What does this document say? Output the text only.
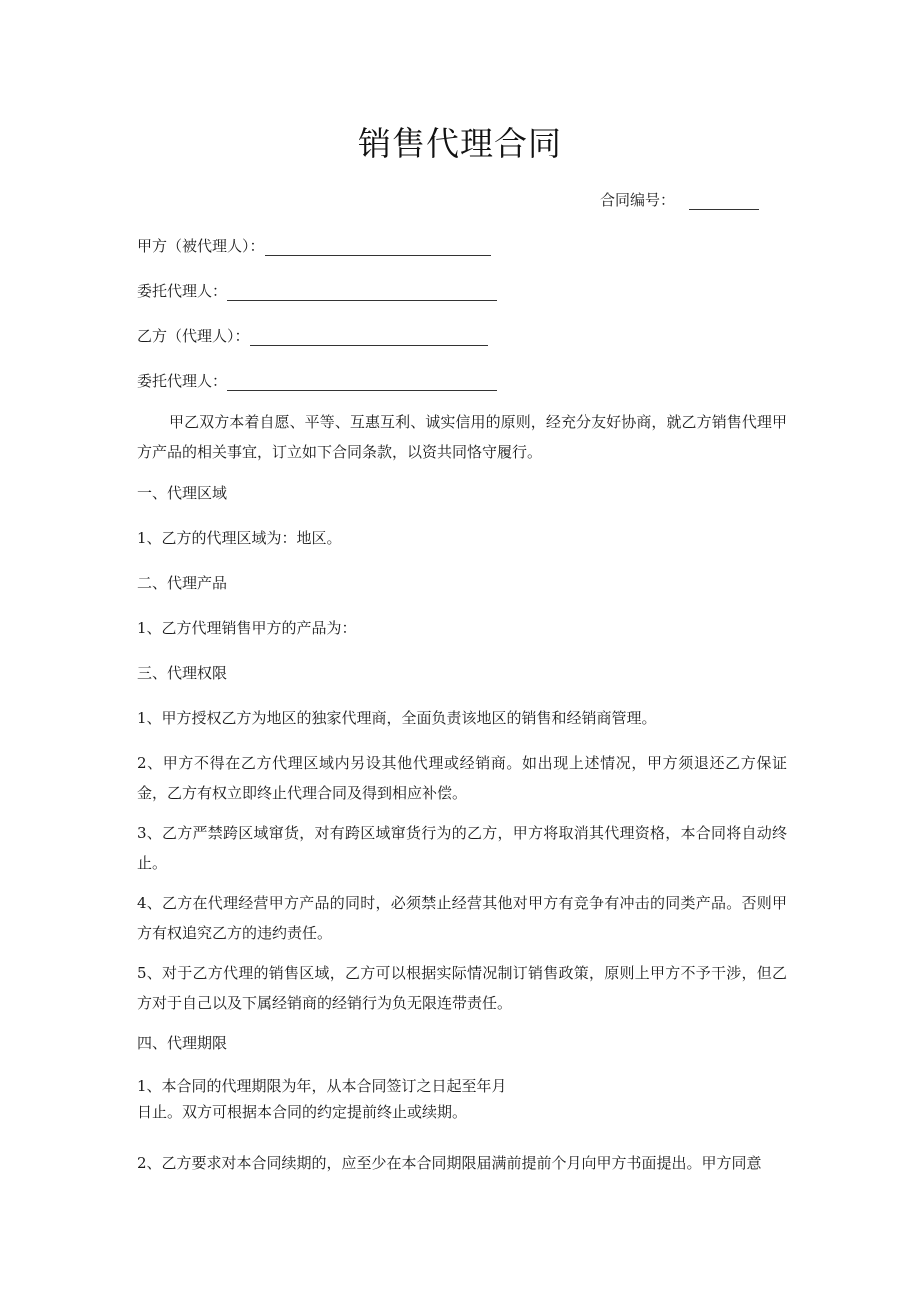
销售代理合同
合同编号：
甲方（被代理人）：
委托代理人：
乙方（代理人）：
委托代理人：
甲乙双方本着自愿、平等、互惠互利、诚实信用的原则，经充分友好协商，就乙方销售代理甲方产品的相关事宜，订立如下合同条款，以资共同恪守履行。
一、代理区域
1、乙方的代理区域为：地区。
二、代理产品
1、乙方代理销售甲方的产品为：
三、代理权限
1、甲方授权乙方为地区的独家代理商，全面负责该地区的销售和经销商管理。
2、甲方不得在乙方代理区域内另设其他代理或经销商。如出现上述情况，甲方须退还乙方保证金，乙方有权立即终止代理合同及得到相应补偿。
3、乙方严禁跨区域窜货，对有跨区域窜货行为的乙方，甲方将取消其代理资格，本合同将自动终止。
4、乙方在代理经营甲方产品的同时，必须禁止经营其他对甲方有竞争有冲击的同类产品。否则甲方有权追究乙方的违约责任。
5、对于乙方代理的销售区域，乙方可以根据实际情况制订销售政策，原则上甲方不予干涉，但乙方对于自己以及下属经销商的经销行为负无限连带责任。
四、代理期限
1、本合同的代理期限为年，从本合同签订之日起至年月
日止。双方可根据本合同的约定提前终止或续期。
2、乙方要求对本合同续期的，应至少在本合同期限届满前提前个月向甲方书面提出。甲方同意
